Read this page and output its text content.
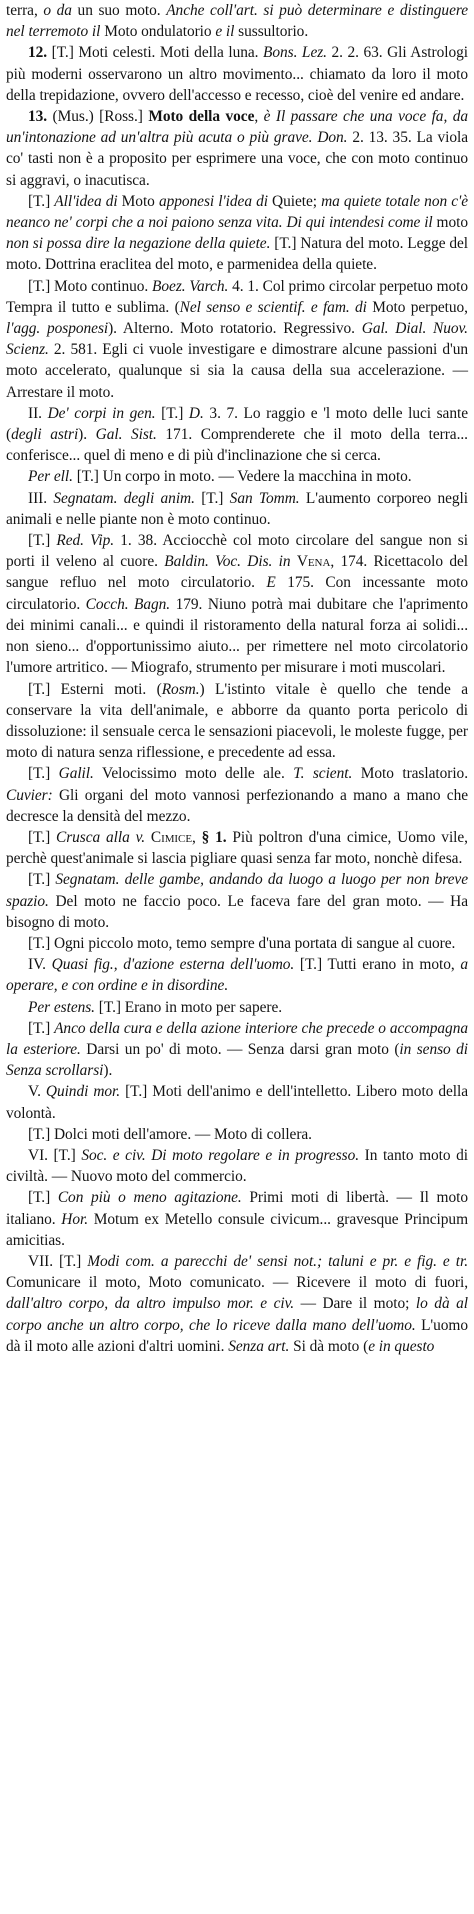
terra, o da un suo moto. Anche coll'art. si può determinare e distinguere nel terremoto il Moto ondulatorio e il sussultorio.

12. [T.] Moti celesti. Moti della luna. Bons. Lez. 2. 2. 63. Gli Astrologi più moderni osservarono un altro movimento... chiamato da loro il moto della trepidazione, ovvero dell'accesso e recesso, cioè del venire ed andare.

13. (Mus.) [Ross.] Moto della voce, è Il passare che una voce fa, da un'intonazione ad un'altra più acuta o più grave. Don. 2. 13. 35. La viola co' tasti non è a proposito per esprimere una voce, che con moto continuo si aggravi, o inacutisca.

[T.] All'idea di Moto apponesi l'idea di Quiete; ma quiete totale non c'è neanco ne' corpi che a noi paiono senza vita. Di qui intendesi come il moto non si possa dire la negazione della quiete. [T.] Natura del moto. Legge del moto. Dottrina eraclitea del moto, e parmenidea della quiete.

[T.] Moto continuo. Boez. Varch. 4. 1. Col primo circolar perpetuo moto Tempra il tutto e sublima. (Nel senso e scientif. e fam. di Moto perpetuo, l'agg. posponesi). Alterno. Moto rotatorio. Regressivo. Gal. Dial. Nuov. Scienz. 2. 581. Egli ci vuole investigare e dimostrare alcune passioni d'un moto accelerato, qualunque si sia la causa della sua accelerazione. — Arrestare il moto.

II. De' corpi in gen. [T.] D. 3. 7. Lo raggio e 'l moto delle luci sante (degli astri). Gal. Sist. 171. Comprenderete che il moto della terra... conferisce... quel di meno e di più d'inclinazione che si cerca.

Per ell. [T.] Un corpo in moto. — Vedere la macchina in moto.

III. Segnatam. degli anim. [T.] San Tomm. L'aumento corporeo negli animali e nelle piante non è moto continuo.

[T.] Red. Vip. 1. 38. Acciocchè col moto circolare del sangue non si porti il veleno al cuore. Baldin. Voc. Dis. in Vena, 174. Ricettacolo del sangue refluo nel moto circulatorio. E 175. Con incessante moto circulatorio. Cocch. Bagn. 179. Niuno potrà mai dubitare che l'aprimento dei minimi canali... e quindi il ristoramento della natural forza ai solidi... non sieno... d'opportunissimo aiuto... per rimettere nel moto circolatorio l'umore artritico. — Miografo, strumento per misurare i moti muscolari.

[T.] Esterni moti. (Rosm.) L'istinto vitale è quello che tende a conservare la vita dell'animale, e abborre da quanto porta pericolo di dissoluzione: il sensuale cerca le sensazioni piacevoli, le moleste fugge, per moto di natura senza riflessione, e precedente ad essa.

[T.] Galil. Velocissimo moto delle ale. T. scient. Moto traslatorio. Cuvier: Gli organi del moto vannosi perfezionando a mano a mano che decresce la densità del mezzo.

[T.] Crusca alla v. Cimice, § 1. Più poltron d'una cimice, Uomo vile, perchè quest'animale si lascia pigliare quasi senza far moto, nonchè difesa.

[T.] Segnatam. delle gambe, andando da luogo a luogo per non breve spazio. Del moto ne faccio poco. Le faceva fare del gran moto. — Ha bisogno di moto.

[T.] Ogni piccolo moto, temo sempre d'una portata di sangue al cuore.

IV. Quasi fig., d'azione esterna dell'uomo. [T.] Tutti erano in moto, a operare, e con ordine e in disordine.

Per estens. [T.] Erano in moto per sapere.

[T.] Anco della cura e della azione interiore che precede o accompagna la esteriore. Darsi un po' di moto. — Senza darsi gran moto (in senso di Senza scrollarsi).

V. Quindi mor. [T.] Moti dell'animo e dell'intelletto. Libero moto della volontà.

[T.] Dolci moti dell'amore. — Moto di collera.

VI. [T.] Soc. e civ. Di moto regolare e in progresso. In tanto moto di civiltà. — Nuovo moto del commercio.

[T.] Con più o meno agitazione. Primi moti di libertà. — Il moto italiano. Hor. Motum ex Metello consule civicum... gravesque Principum amicitias.

VII. [T.] Modi com. a parecchi de' sensi not.; taluni e pr. e fig. e tr. Comunicare il moto, Moto comunicato. — Ricevere il moto di fuori, dall'altro corpo, da altro impulso mor. e civ. — Dare il moto; lo dà al corpo anche un altro corpo, che lo riceve dalla mano dell'uomo. L'uomo dà il moto alle azioni d'altri uomini. Senza art. Si dà moto (e in questo
